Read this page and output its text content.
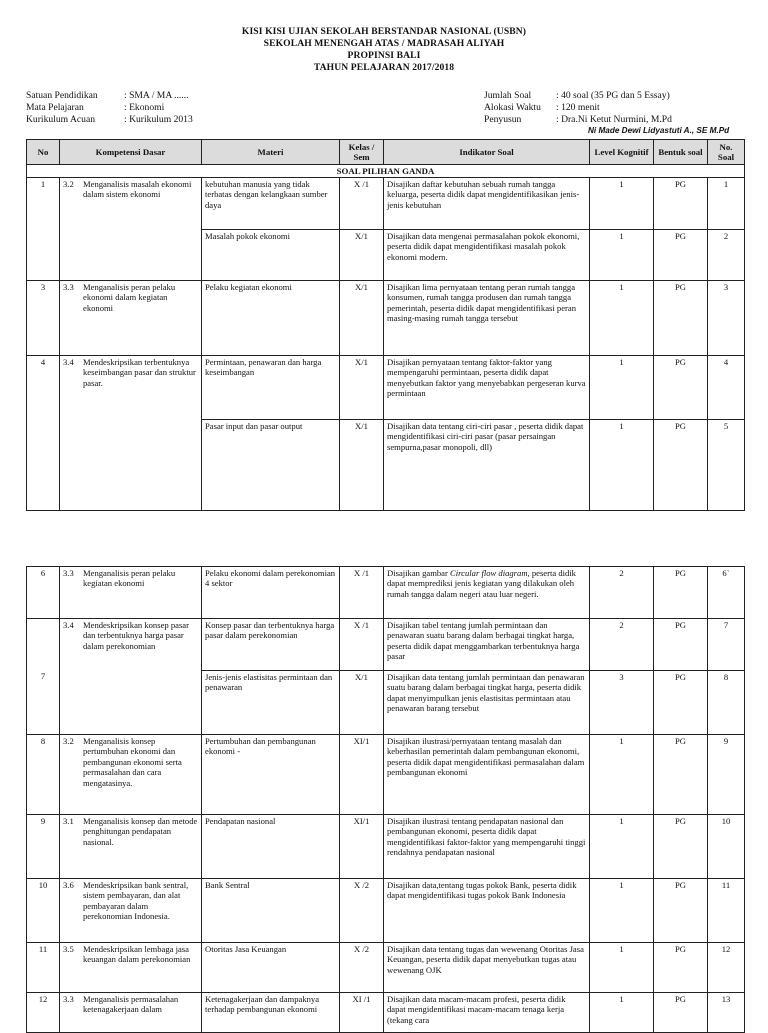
KISI KISI UJIAN SEKOLAH BERSTANDAR NASIONAL (USBN)
SEKOLAH MENENGAH ATAS / MADRASAH ALIYAH
PROPINSI BALI
TAHUN PELAJARAN 2017/2018
Satuan Pendidikan	: SMA / MA ......
Mata Pelajaran	: Ekonomi
Kurikulum Acuan	: Kurikulum 2013
Jumlah Soal	: 40 soal (35 PG dan 5 Essay)
Alokasi Waktu : 120 menit
Penyusun	: Dra.Ni Ketut Nurmini, M.Pd
Ni Made Dewi Lidyastuti A., SE M.Pd
No	Kompetensi Dasar	Materi	Kelas / Sem	Indikator Soal	Level Kognitif	Bentuk soal	No. Soal
SOAL PILIHAN GANDA							
1	3.2 Menganalisis masalah ekonomi dalam sistem ekonomi	kebutuhan manusia yang tidak terbatas dengan kelangkaan sumber daya	X /1	Disajikan daftar kebutuhan sebuah rumah tangga keluarga, peserta didik dapat mengidentifikasikan jenis-jenis kebutuhan	1	PG	1
		Masalah pokok ekonomi	X/1	Disajikan data mengenai permasalahan pokok ekonomi, peserta didik dapat mengidentifikasi masalah pokok ekonomi modern.	1	PG	2
3	3.3 Menganalisis peran pelaku ekonomi dalam kegiatan ekonomi	Pelaku kegiatan ekonomi	X/1	Disajikan lima pernyataan tentang peran rumah tangga konsumen, rumah tangga produsen dan rumah tangga pemerintah, peserta didik dapat mengidentifikasi peran masing-masing rumah tangga tersebut	1	PG	3
4	3.4 Mendeskripsikan terbentuknya keseimbangan pasar dan struktur pasar.	Permintaan, penawaran dan harga keseimbangan	X/1	Disajikan pernyataan tentang faktor-faktor yang mempengaruhi permintaan, peserta didik dapat menyebutkan faktor yang menyebabkan pergeseran kurva permintaan	1	PG	4
		Pasar input dan pasar output	X/1	Disajikan data tentang ciri-ciri pasar , peserta didik dapat mengidentifikasi ciri-ciri pasar (pasar persaingan sempurna,pasar monopoli, dll)	1	PG	5
6	3.3 Menganalisis peran pelaku kegiatan ekonomi	Pelaku ekonomi dalam perekonomian 4 sektor	X /1	Disajikan gambar Circular flow diagram, peserta didik dapat memprediksi jenis kegiatan yang dilakukan oleh rumah tangga dalam negeri atau luar negeri.	2	PG	6`
7	3.4 Mendeskripsikan konsep pasar dan terbentuknya harga pasar dalam perekonomian	Konsep pasar dan terbentuknya harga pasar dalam perekonomian	X /1	Disajikan tabel tentang jumlah permintaan dan penawaran suatu barang dalam berbagai tingkat harga, peserta didik dapat menggambarkan terbentuknya harga pasar	2	PG	7
		Jenis-jenis elastisitas permintaan dan penawaran	X/1	Disajikan data tentang jumlah permintaan dan penawaran suatu barang dalam berbagai tingkat harga, peserta didik dapat menyimpulkan jenis elastisitas permintaan atau penawaran barang tersebut	3	PG	8
8	3.2 Menganalisis konsep pertumbuhan ekonomi dan pembangunan ekonomi serta permasalahan dan cara mengatasinya.	Pertumbuhan dan pembangunan ekonomi -	XI/1	Disajikan ilustrasi/pernyataan tentang masalah dan keberhasilan pemerintah dalam pembangunan ekonomi, peserta didik dapat mengidentifikasi permasalahan dalam pembangunan ekonomi	1	PG	9
9	3.1 Menganalisis konsep dan metode penghitungan pendapatan nasional.	Pendapatan nasional	XI/1	Disajikan ilustrasi tentang pendapatan nasional dan pembangunan ekonomi, peserta didik dapat mengidentifikasi faktor-faktor yang mempengaruhi tinggi rendahnya pendapatan nasional	1	PG	10
10	3.6 Mendeskripsikan bank sentral, sistem pembayaran, dan alat pembayaran dalam perekonomian Indonesia.	Bank Sentral	X /2	Disajikan data,tentang tugas pokok Bank, peserta didik dapat mengidentifikasi tugas pokok Bank Indonesia	1	PG	11
11	3.5 Mendeskripsikan lembaga jasa keuangan dalam perekonomian	Otoritas Jasa Keuangan	X /2	Disajikan data tentang tugas dan wewenang Otoritas Jasa Keuangan, peserta didik dapat menyebutkan tugas atau wewenang OJK	1	PG	12
12	3.3 Menganalisis permasalahan ketenagakerjaan dalam	Ketenagakerjaan dan dampaknya terhadap pembangunan ekonomi	XI /1	Disajikan data macam-macam profesi, peserta didik dapat mengidentifikasi macam-macam tenaga kerja (tekang cara	1	PG	13
